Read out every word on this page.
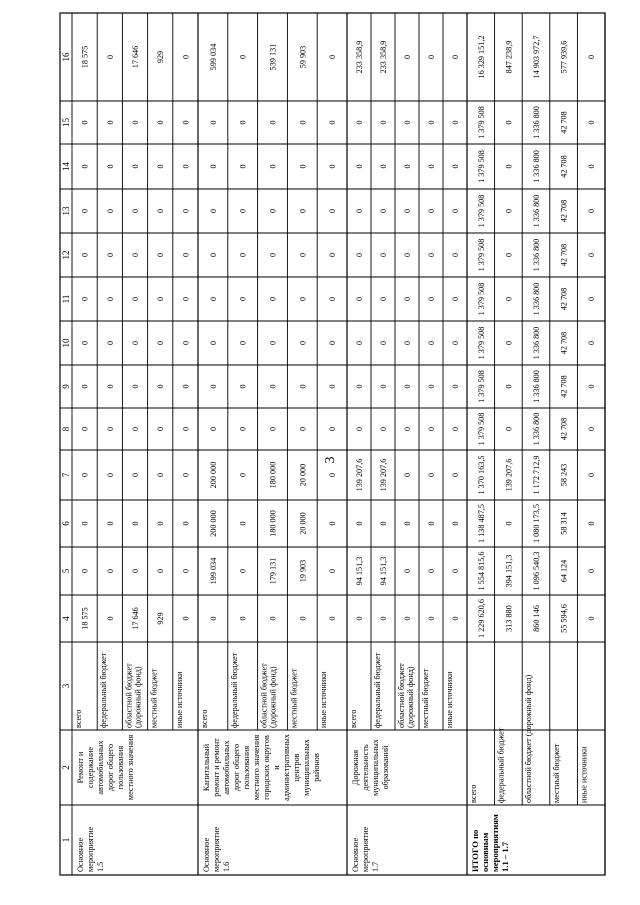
3
1
2
3
4
5
6
7
8
9
10
11
12
13
14
15
16
Основноемероприятие1.5
Ремонт исодержаниеавтомобильныхдорог общегопользованияместного значения
всего
18 575
0
0
0
0
0
0
0
0
0
0
0
18 575
федеральный бюджет
0
0
0
0
0
0
0
0
0
0
0
0
0
областной бюджет(дорожный фонд)
17 646
0
0
0
0
0
0
0
0
0
0
0
17 646
местный бюджет
929
0
0
0
0
0
0
0
0
0
0
0
929
иные источники
0
0
0
0
0
0
0
0
0
0
0
0
0
Основноемероприятие1.6
Капитальныйремонт и ремонтавтомобильныхдорог общегопользованияместного значениягородских округовиадминистративныхцентровмуниципальныхрайонов
всего
0
199 034
200 000
200 000
0
0
0
0
0
0
0
0
599 034
федеральный бюджет
0
0
0
0
0
0
0
0
0
0
0
0
0
областной бюджет(дорожный фонд)
0
179 131
180 000
180 000
0
0
0
0
0
0
0
0
539 131
местный бюджет
0
19 903
20 000
20 000
0
0
0
0
0
0
0
0
59 903
иные источники
0
0
0
0
0
0
0
0
0
0
0
0
0
Основноемероприятие1.7
Дорожнаядеятельностьмуниципальныхобразований
всего
0
94 151,3
0
139 207,6
0
0
0
0
0
0
0
0
233 358,9
федеральный бюджет
0
94 151,3
0
139 207,6
0
0
0
0
0
0
0
0
233 358,9
областной бюджет(дорожный фонд)
0
0
0
0
0
0
0
0
0
0
0
0
0
местный бюджет
0
0
0
0
0
0
0
0
0
0
0
0
0
иные источники
0
0
0
0
0
0
0
0
0
0
0
0
0
ИТОГО поосновныммероприятиям1.1 – 1.7
всего
1 229 620,6
1 554 815,6
1 138 487,5
1 370 163,5
1 379 508
1 379 508
1 379 508
1 379 508
1 379 508
1 379 508
1 379 508
1 379 508
16 329 151,2
федеральный бюджет
313 880
394 151,3
0
139 207,6
0
0
0
0
0
0
0
0
847 238,9
областной бюджет (дорожный фонд)
860 146
1 096 540,3
1 080 173,5
1 172 712,9
1 336 800
1 336 800
1 336 800
1 336 800
1 336 800
1 336 800
1 336 800
1 336 800
14 903 972,7
местный бюджет
55 594,6
64 124
58 314
58 243
42 708
42 708
42 708
42 708
42 708
42 708
42 708
42 708
577 939,6
иные источники
0
0
0
0
0
0
0
0
0
0
0
0
0
